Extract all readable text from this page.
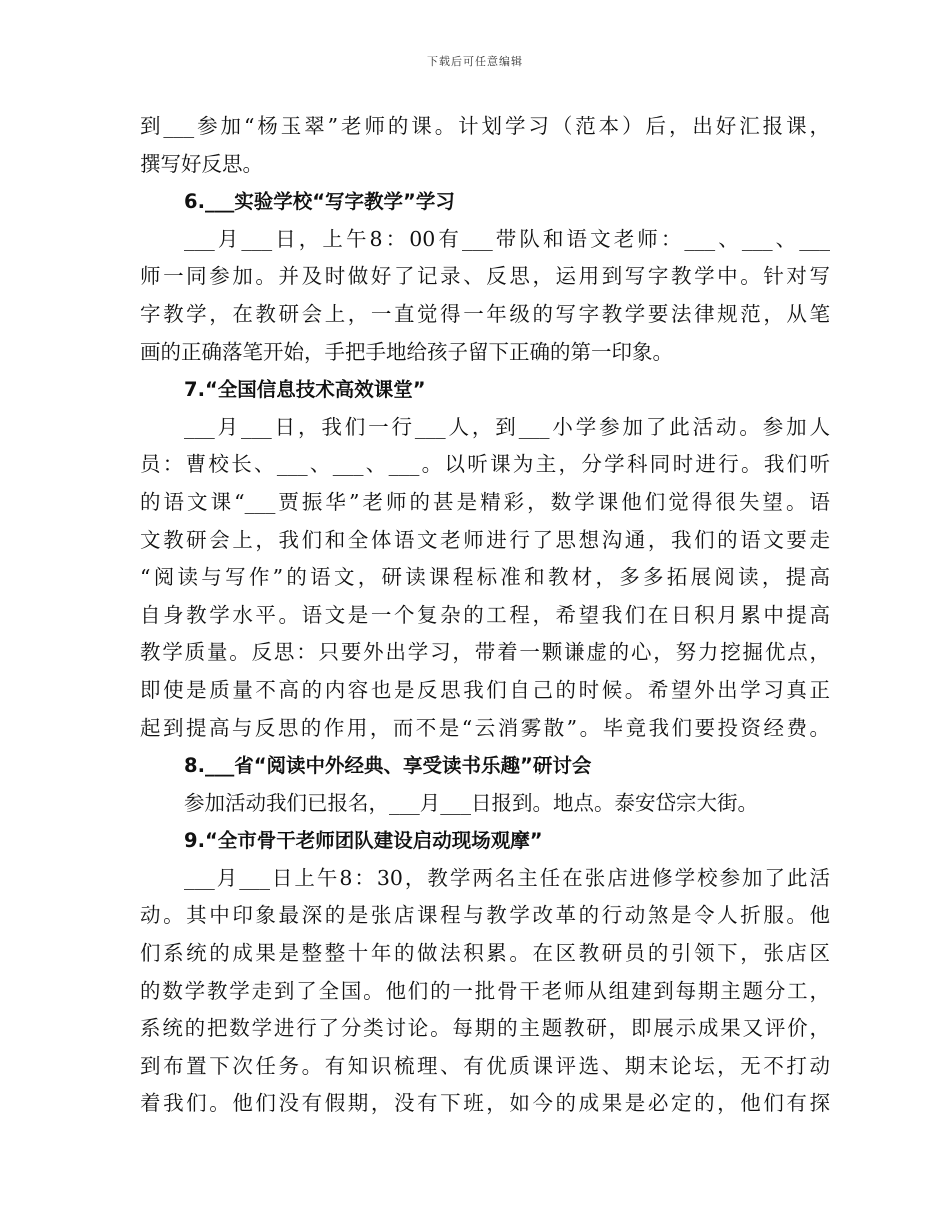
下载后可任意编辑
到___参加“杨玉翠”老师的课。计划学习（范本）后，出好汇报课，
撰写好反思。
6.___实验学校“写字教学”学习
___月___日，上午8：00有___带队和语文老师：___、___、___
师一同参加。并及时做好了记录、反思，运用到写字教学中。针对写
字教学，在教研会上，一直觉得一年级的写字教学要法律规范，从笔
画的正确落笔开始，手把手地给孩子留下正确的第一印象。
7.“全国信息技术高效课堂”
___月___日，我们一行___人，到___小学参加了此活动。参加人
员：曹校长、___、___、___。以听课为主，分学科同时进行。我们听
的语文课“___贾振华”老师的甚是精彩，数学课他们觉得很失望。语
文教研会上，我们和全体语文老师进行了思想沟通，我们的语文要走
“阅读与写作”的语文，研读课程标准和教材，多多拓展阅读，提高
自身教学水平。语文是一个复杂的工程，希望我们在日积月累中提高
教学质量。反思：只要外出学习，带着一颗谦虚的心，努力挖掘优点，
即使是质量不高的内容也是反思我们自己的时候。希望外出学习真正
起到提高与反思的作用，而不是“云消雾散”。毕竟我们要投资经费。
8.___省“阅读中外经典、享受读书乐趣”研讨会
参加活动我们已报名，___月___日报到。地点。泰安岱宗大街。
9.“全市骨干老师团队建设启动现场观摩”
___月___日上午8：30，教学两名主任在张店进修学校参加了此活
动。其中印象最深的是张店课程与教学改革的行动煞是令人折服。他
们系统的成果是整整十年的做法积累。在区教研员的引领下，张店区
的数学教学走到了全国。他们的一批骨干老师从组建到每期主题分工，
系统的把数学进行了分类讨论。每期的主题教研，即展示成果又评价，
到布置下次任务。有知识梳理、有优质课评选、期末论坛，无不打动
着我们。他们没有假期，没有下班，如今的成果是必定的，他们有探
